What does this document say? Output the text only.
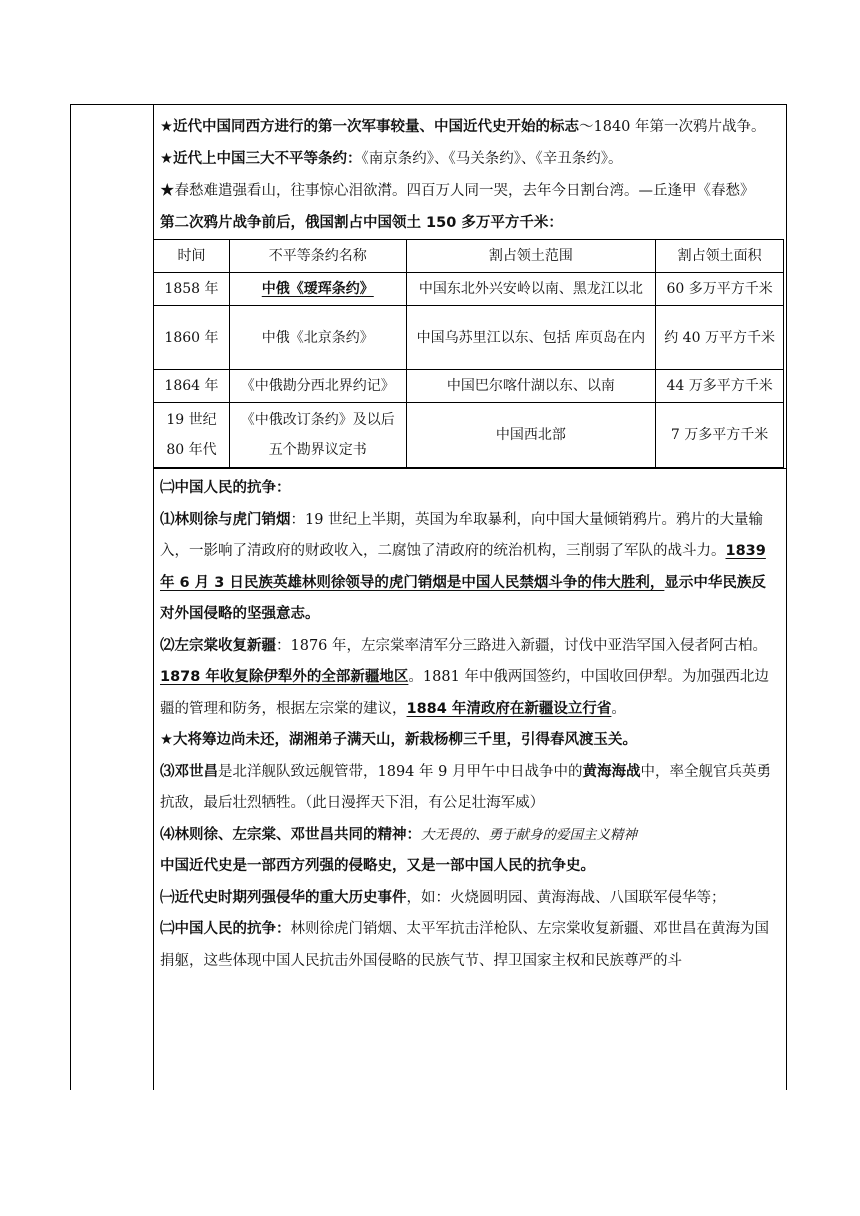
★近代中国同西方进行的第一次军事较量、中国近代史开始的标志～1840 年第一次鸦片战争。

★近代上中国三大不平等条约：《南京条约》、《马关条约》、《辛丑条约》。

★春愁难遣强看山，往事惊心泪欲潸。四百万人同一哭，去年今日割台湾。—丘逢甲《春愁》

第二次鸦片战争前后，俄国割占中国领土 150 多万平方千米：

时间	不平等条约名称	割占领土范围	割占领土面积
1858 年	中俄《瑷珲条约》	中国东北外兴安岭以南、黑龙江以北	60 多万平方千米
1860 年	中俄《北京条约》	中国乌苏里江以东、包括 库页岛在内	约 40 万平方千米
1864 年	《中俄勘分西北界约记》	中国巴尔喀什湖以东、以南	44 万多平方千米
19 世纪 80 年代	《中俄改订条约》及以后五个勘界议定书	中国西北部	7 万多平方千米

㈡中国人民的抗争：

⑴林则徐与虎门销烟：19 世纪上半期，英国为牟取暴利，向中国大量倾销鸦片。鸦片的大量输入，一影响了清政府的财政收入，二腐蚀了清政府的统治机构，三削弱了军队的战斗力。1839 年 6 月 3 日民族英雄林则徐领导的虎门销烟是中国人民禁烟斗争的伟大胜利，显示中华民族反对外国侵略的坚强意志。

⑵左宗棠收复新疆：1876 年，左宗棠率清军分三路进入新疆，讨伐中亚浩罕国入侵者阿古柏。1878 年收复除伊犁外的全部新疆地区。1881 年中俄两国签约，中国收回伊犁。为加强西北边疆的管理和防务，根据左宗棠的建议，1884 年清政府在新疆设立行省。

★大将筹边尚未还，湖湘弟子满天山，新栽杨柳三千里，引得春风渡玉关。

⑶邓世昌是北洋舰队致远舰管带，1894 年 9 月甲午中日战争中的黄海海战中，率全舰官兵英勇抗敌，最后壮烈牺牲。（此日漫挥天下泪，有公足壮海军威）

⑷林则徐、左宗棠、邓世昌共同的精神：大无畏的、勇于献身的爱国主义精神

中国近代史是一部西方列强的侵略史，又是一部中国人民的抗争史。

㈠近代史时期列强侵华的重大历史事件，如：火烧圆明园、黄海海战、八国联军侵华等；

㈡中国人民的抗争：林则徐虎门销烟、太平军抗击洋枪队、左宗棠收复新疆、邓世昌在黄海为国捐躯，这些体现中国人民抗击外国侵略的民族气节、捍卫国家主权和民族尊严的斗
